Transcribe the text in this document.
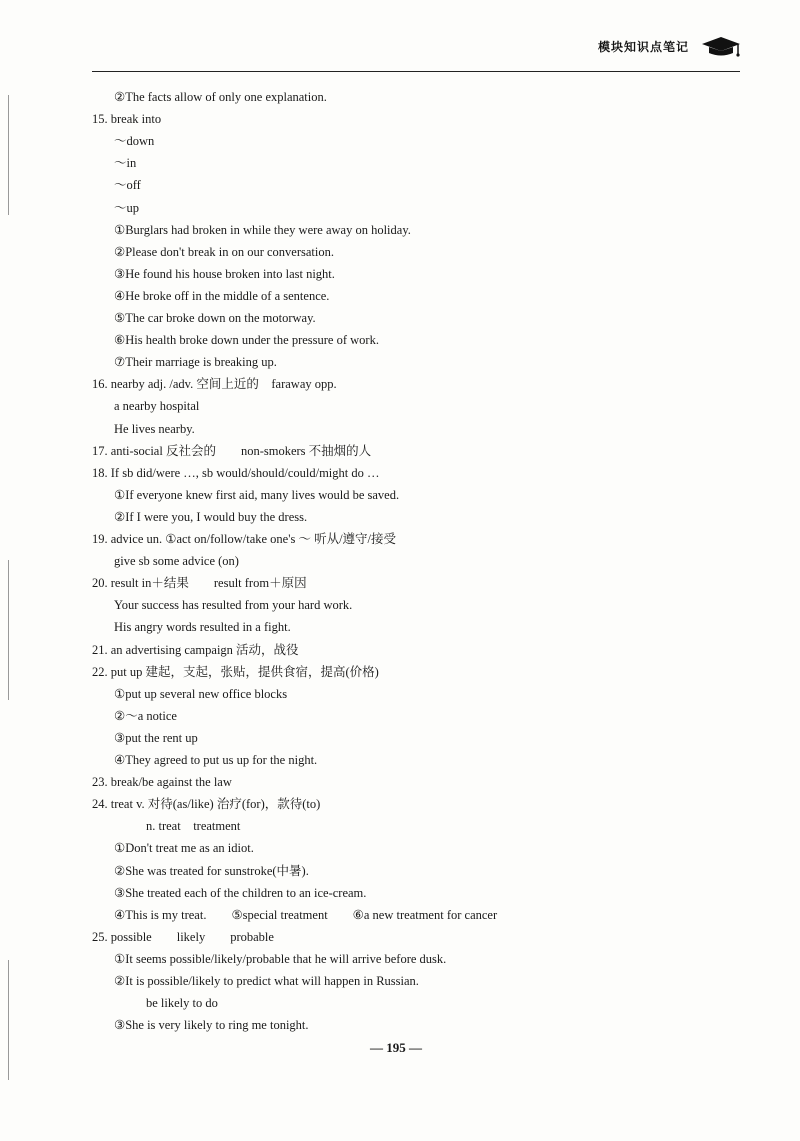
模块知识点笔记
②The facts allow of only one explanation.
15. break into
～down
～in
～off
～up
①Burglars had broken in while they were away on holiday.
②Please don't break in on our conversation.
③He found his house broken into last night.
④He broke off in the middle of a sentence.
⑤The car broke down on the motorway.
⑥His health broke down under the pressure of work.
⑦Their marriage is breaking up.
16. nearby adj. /adv. 空间上近的　faraway opp.
a nearby hospital
He lives nearby.
17. anti-social 反社会的　　non-smokers 不抽烟的人
18. If sb did/were …, sb would/should/could/might do …
①If everyone knew first aid, many lives would be saved.
②If I were you, I would buy the dress.
19. advice un. ①act on/follow/take one's ～ 听从/遵守/接受
give sb some advice (on)
20. result in＋结果　　result from＋原因
Your success has resulted from your hard work.
His angry words resulted in a fight.
21. an advertising campaign 活动，战役
22. put up 建起，支起，张贴，提供食宿，提高(价格)
①put up several new office blocks
②～a notice
③put the rent up
④They agreed to put us up for the night.
23. break/be against the law
24. treat v. 对待(as/like) 治疗(for)，款待(to)
n. treat　treatment
①Don't treat me as an idiot.
②She was treated for sunstroke(中暑).
③She treated each of the children to an ice-cream.
④This is my treat.　　⑤special treatment　　⑥a new treatment for cancer
25. possible　　likely　　probable
①It seems possible/likely/probable that he will arrive before dusk.
②It is possible/likely to predict what will happen in Russian.
be likely to do
③She is very likely to ring me tonight.
— 195 —
